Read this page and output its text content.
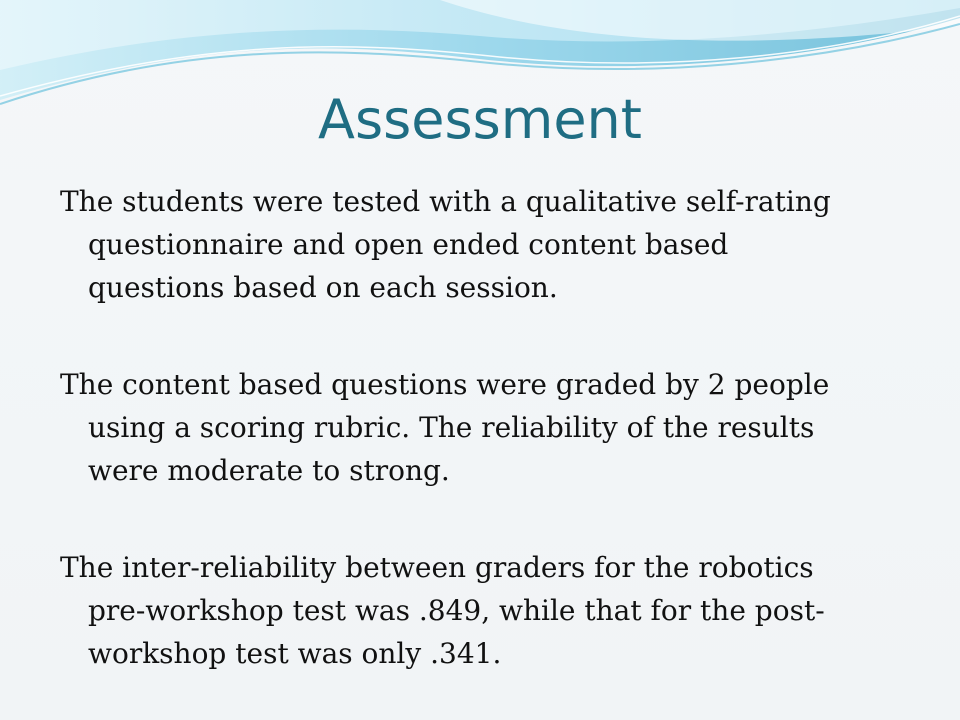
Assessment

The students were tested with a qualitative self-rating questionnaire and open ended content based questions based on each session.

The content based questions were graded by 2 people using a scoring rubric. The reliability of the results were moderate to strong.

The inter-reliability between graders for the robotics pre-workshop test was .849, while that for the post-workshop test was only .341.
